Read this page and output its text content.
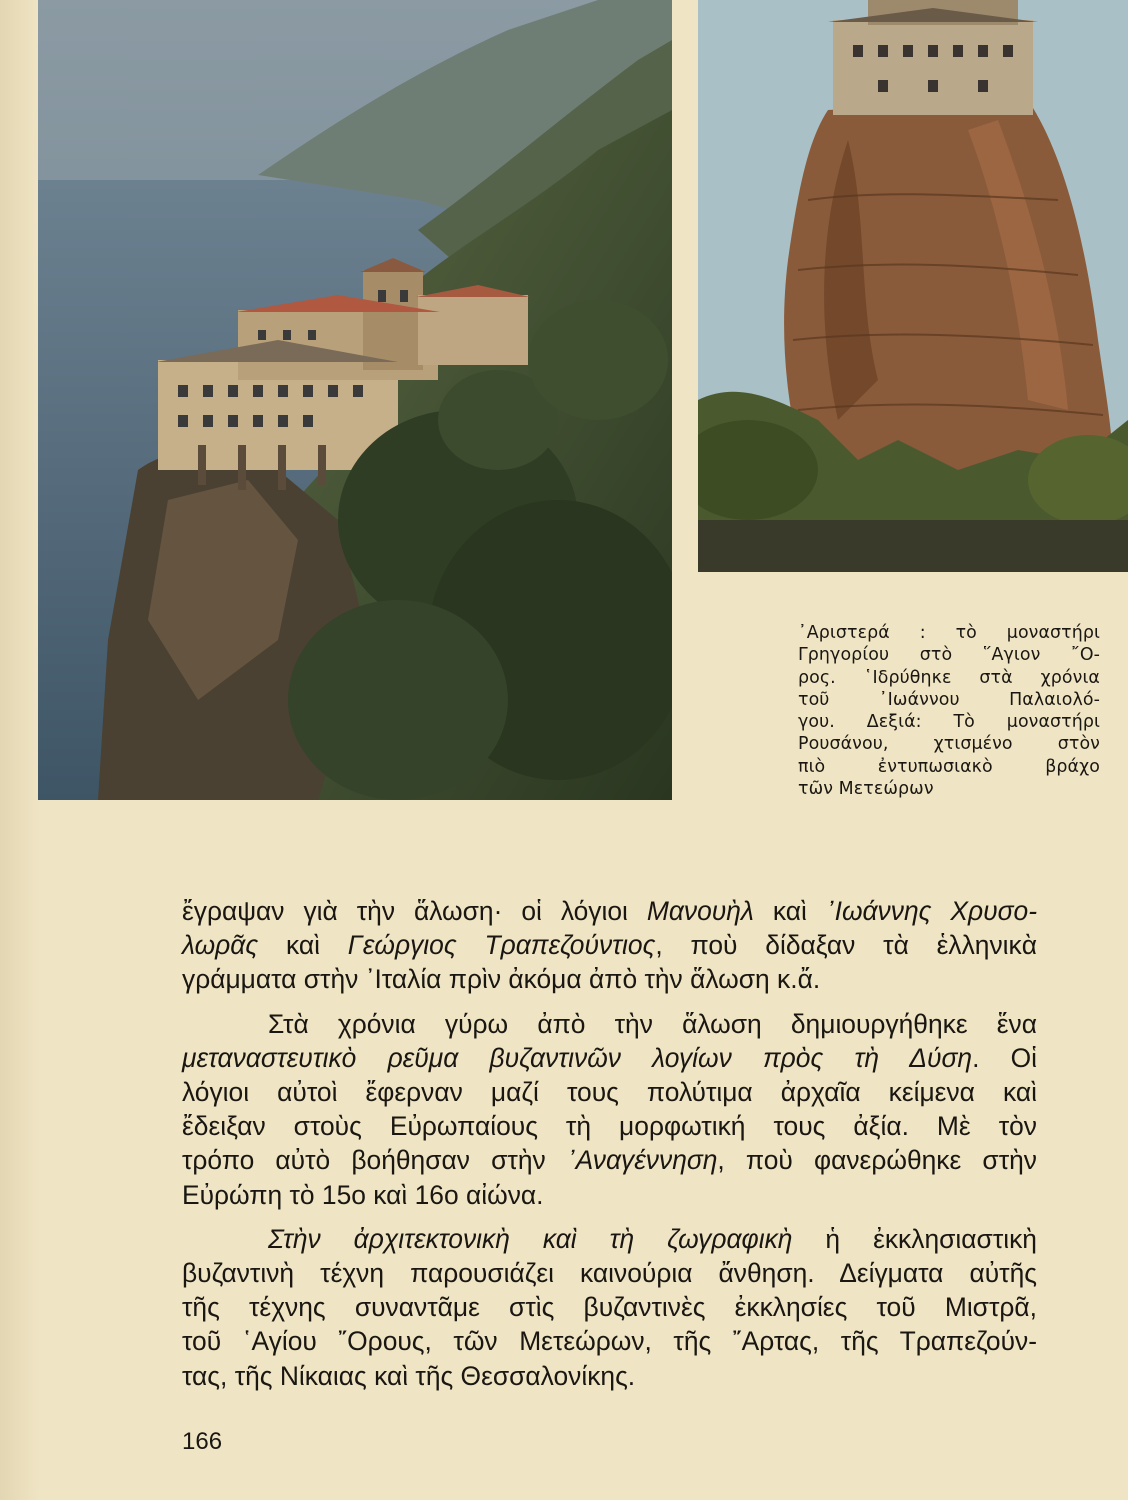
᾿Αριστερά : τὸ μοναστήρι
Γρηγορίου στὸ ῞Αγιον ῎Ο-
ρος. ῾Ιδρύθηκε στὰ χρόνια
τοῦ ᾿Ιωάννου Παλαιολό-
γου. Δεξιά: Τὸ μοναστήρι
Ρουσάνου, χτισμένο στὸν
πιὸ ἐντυπωσιακὸ βράχο
τῶν Μετεώρων
ἔγραψαν γιὰ τὴν ἅλωση· οἱ λόγιοι Μανουὴλ καὶ ᾿Ιωάννης Χρυσο-
λωρᾶς καὶ Γεώργιος Τραπεζούντιος, ποὺ δίδαξαν τὰ ἑλληνικὰ
γράμματα στὴν ᾿Ιταλία πρὶν ἀκόμα ἀπὸ τὴν ἅλωση κ.ἄ.
Στὰ χρόνια γύρω ἀπὸ τὴν ἅλωση δημιουργήθηκε ἕνα
μεταναστευτικὸ ρεῦμα βυζαντινῶν λογίων πρὸς τὴ Δύση. Οἱ
λόγιοι αὐτοὶ ἔφερναν μαζί τους πολύτιμα ἀρχαῖα κείμενα καὶ
ἔδειξαν στοὺς Εὐρωπαίους τὴ μορφωτική τους ἀξία. Μὲ τὸν
τρόπο αὐτὸ βοήθησαν στὴν ᾿Αναγέννηση, ποὺ φανερώθηκε στὴν
Εὐρώπη τὸ 15ο καὶ 16ο αἰώνα.
Στὴν ἀρχιτεκτονικὴ καὶ τὴ ζωγραφικὴ ἡ ἐκκλησιαστικὴ
βυζαντινὴ τέχνη παρουσιάζει καινούρια ἄνθηση. Δείγματα αὐτῆς
τῆς τέχνης συναντᾶμε στὶς βυζαντινὲς ἐκκλησίες τοῦ Μιστρᾶ,
τοῦ ῾Αγίου ῎Ορους, τῶν Μετεώρων, τῆς ῎Αρτας, τῆς Τραπεζούν-
τας, τῆς Νίκαιας καὶ τῆς Θεσσαλονίκης.
166
